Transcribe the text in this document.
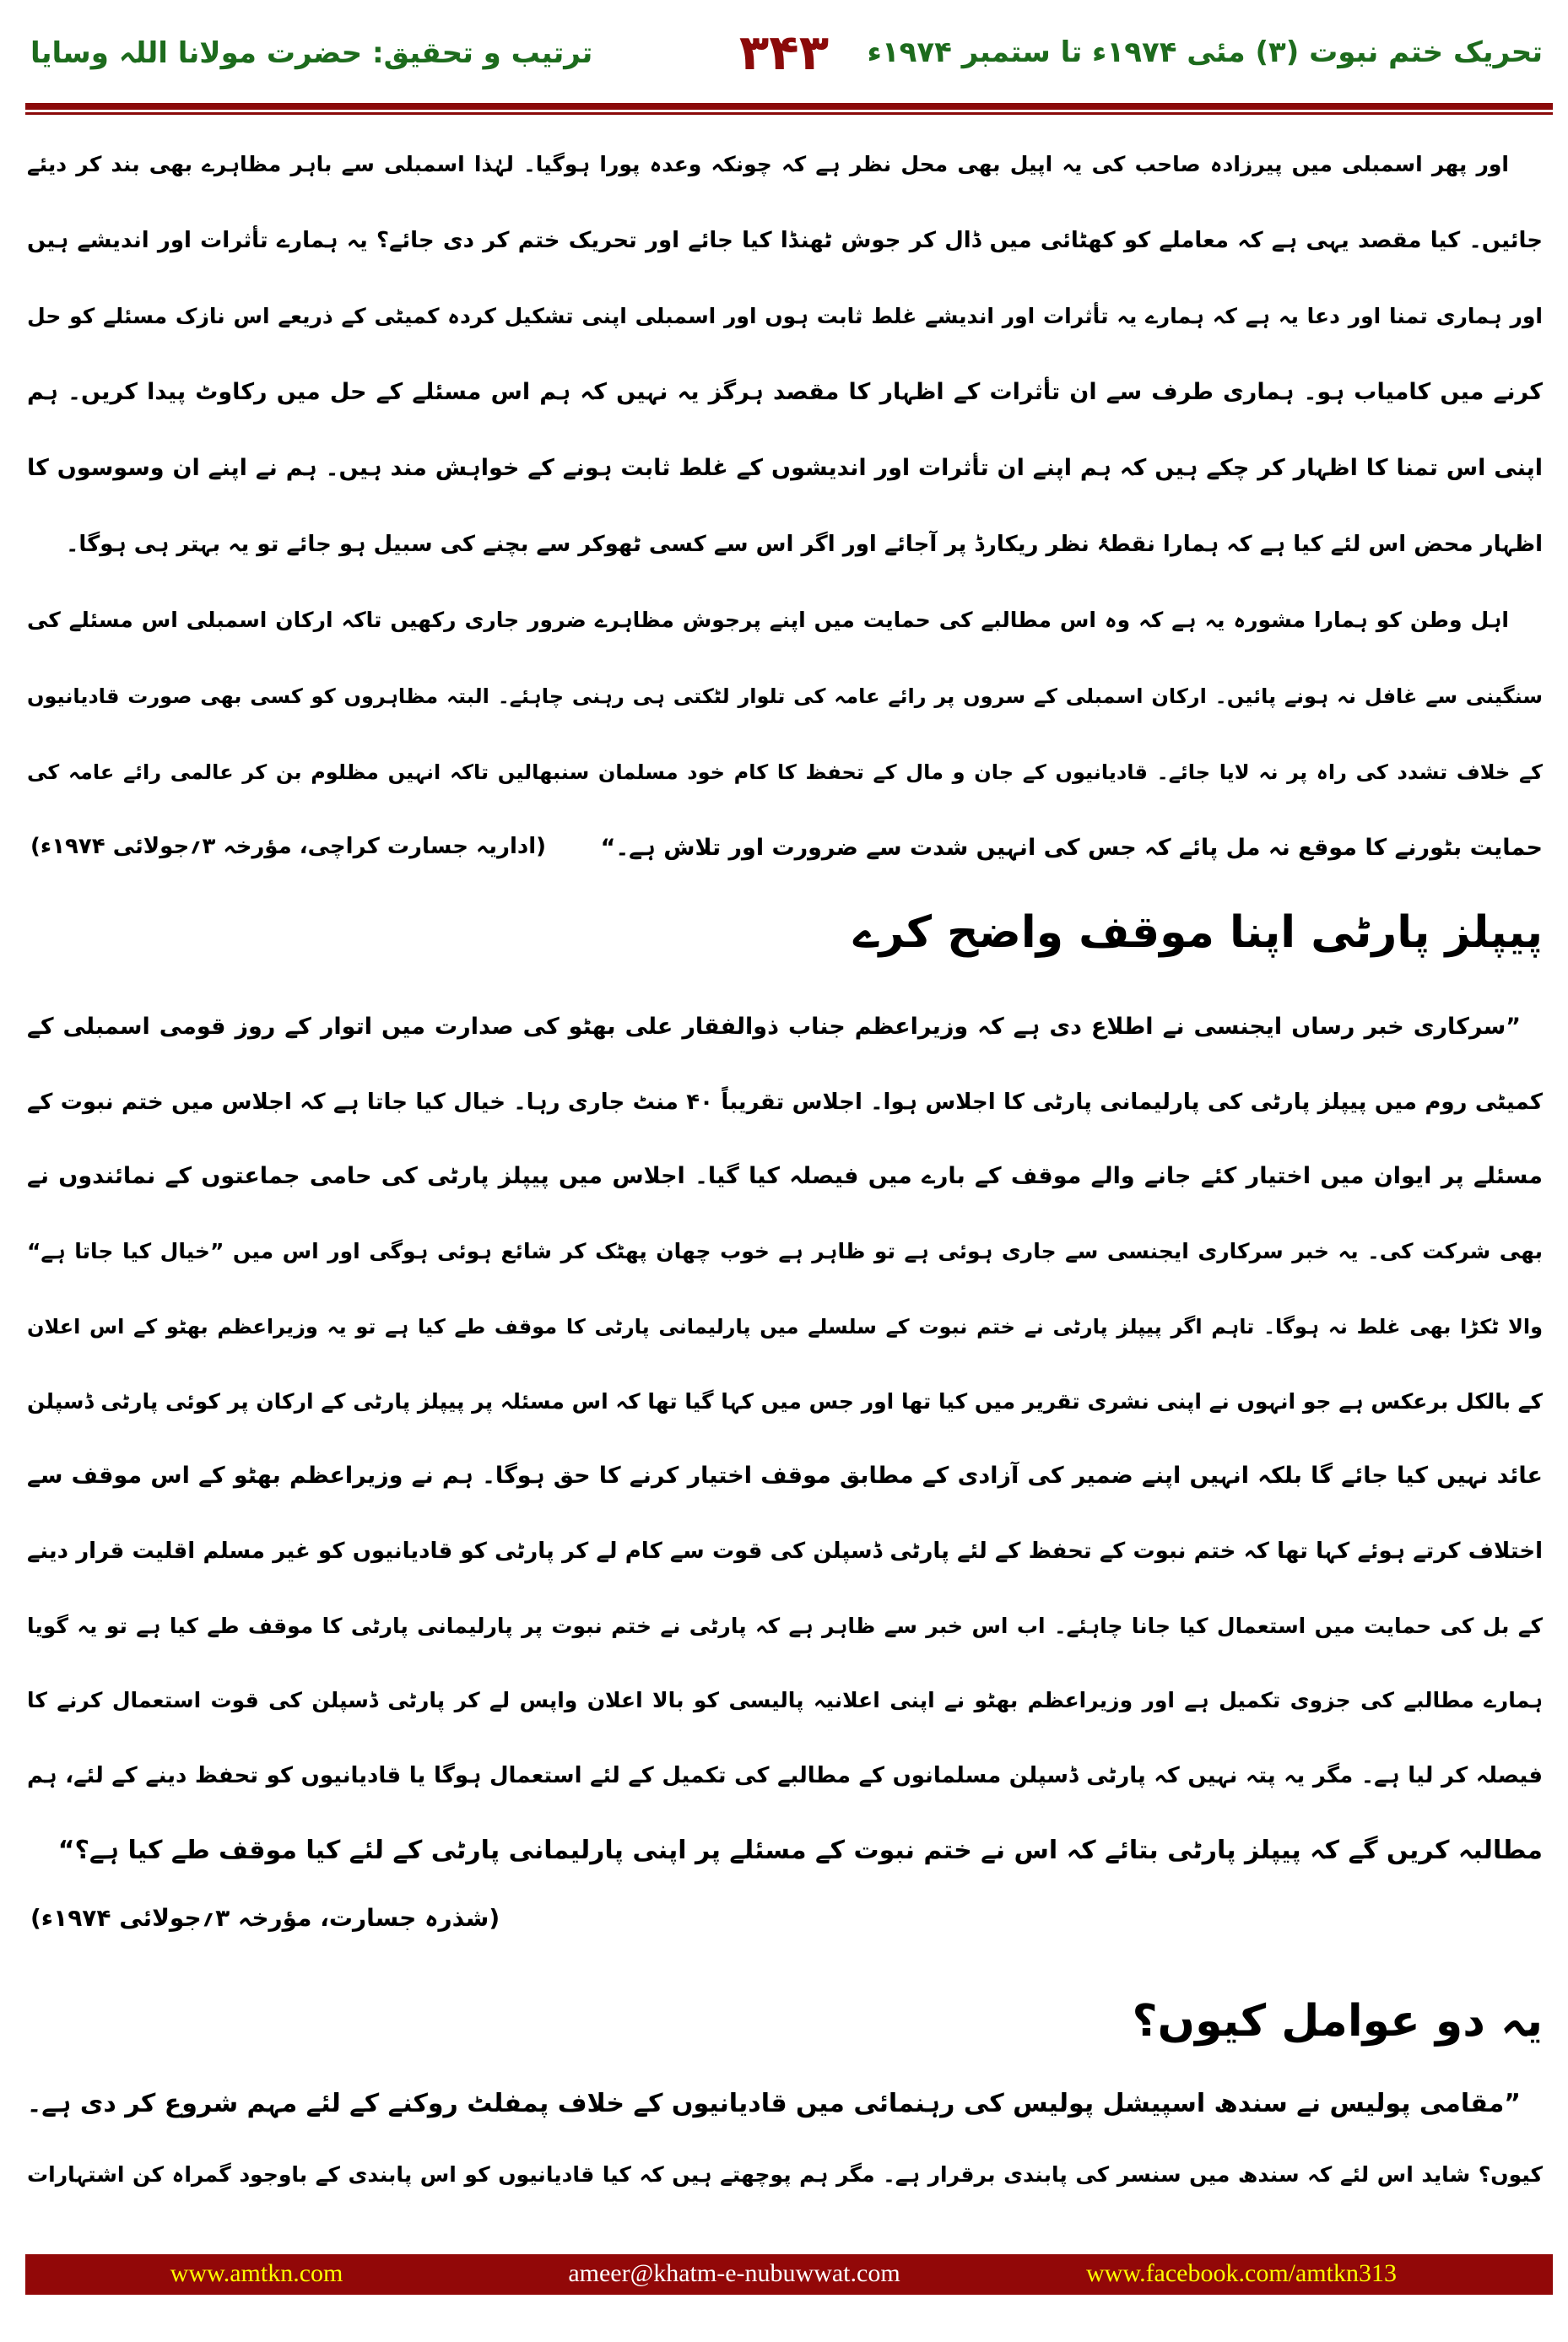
تحریک ختم نبوت (۳) مئی ۱۹۷۴ء تا ستمبر ۱۹۷۴ء
۳۴۳
ترتیب و تحقیق: حضرت مولانا اللہ وسایا
اور پھر اسمبلی میں پیرزادہ صاحب کی یہ اپیل بھی محل نظر ہے کہ چونکہ وعدہ پورا ہوگیا۔ لہٰذا اسمبلی سے باہر مظاہرے بھی بند کر دیئے
جائیں۔ کیا مقصد یہی ہے کہ معاملے کو کھٹائی میں ڈال کر جوش ٹھنڈا کیا جائے اور تحریک ختم کر دی جائے؟ یہ ہمارے تأثرات اور اندیشے ہیں
اور ہماری تمنا اور دعا یہ ہے کہ ہمارے یہ تأثرات اور اندیشے غلط ثابت ہوں اور اسمبلی اپنی تشکیل کردہ کمیٹی کے ذریعے اس نازک مسئلے کو حل
کرنے میں کامیاب ہو۔ ہماری طرف سے ان تأثرات کے اظہار کا مقصد ہرگز یہ نہیں کہ ہم اس مسئلے کے حل میں رکاوٹ پیدا کریں۔ ہم
اپنی اس تمنا کا اظہار کر چکے ہیں کہ ہم اپنے ان تأثرات اور اندیشوں کے غلط ثابت ہونے کے خواہش مند ہیں۔ ہم نے اپنے ان وسوسوں کا
اظہار محض اس لئے کیا ہے کہ ہمارا نقطۂ نظر ریکارڈ پر آجائے اور اگر اس سے کسی ٹھوکر سے بچنے کی سبیل ہو جائے تو یہ بہتر ہی ہوگا۔
اہل وطن کو ہمارا مشورہ یہ ہے کہ وہ اس مطالبے کی حمایت میں اپنے پرجوش مظاہرے ضرور جاری رکھیں تاکہ ارکان اسمبلی اس مسئلے کی
سنگینی سے غافل نہ ہونے پائیں۔ ارکان اسمبلی کے سروں پر رائے عامہ کی تلوار لٹکتی ہی رہنی چاہئے۔ البتہ مظاہروں کو کسی بھی صورت قادیانیوں
کے خلاف تشدد کی راہ پر نہ لایا جائے۔ قادیانیوں کے جان و مال کے تحفظ کا کام خود مسلمان سنبھالیں تاکہ انہیں مظلوم بن کر عالمی رائے عامہ کی
حمایت بٹورنے کا موقع نہ مل پائے کہ جس کی انہیں شدت سے ضرورت اور تلاش ہے۔“
(اداریہ جسارت کراچی، مؤرخہ ۳؍جولائی ۱۹۷۴ء)
پیپلز پارٹی اپنا موقف واضح کرے
”سرکاری خبر رساں ایجنسی نے اطلاع دی ہے کہ وزیراعظم جناب ذوالفقار علی بھٹو کی صدارت میں اتوار کے روز قومی اسمبلی کے
کمیٹی روم میں پیپلز پارٹی کی پارلیمانی پارٹی کا اجلاس ہوا۔ اجلاس تقریباً ۴۰ منٹ جاری رہا۔ خیال کیا جاتا ہے کہ اجلاس میں ختم نبوت کے
مسئلے پر ایوان میں اختیار کئے جانے والے موقف کے بارے میں فیصلہ کیا گیا۔ اجلاس میں پیپلز پارٹی کی حامی جماعتوں کے نمائندوں نے
بھی شرکت کی۔ یہ خبر سرکاری ایجنسی سے جاری ہوئی ہے تو ظاہر ہے خوب چھان پھٹک کر شائع ہوئی ہوگی اور اس میں ”خیال کیا جاتا ہے“
والا ٹکڑا بھی غلط نہ ہوگا۔ تاہم اگر پیپلز پارٹی نے ختم نبوت کے سلسلے میں پارلیمانی پارٹی کا موقف طے کیا ہے تو یہ وزیراعظم بھٹو کے اس اعلان
کے بالکل برعکس ہے جو انہوں نے اپنی نشری تقریر میں کیا تھا اور جس میں کہا گیا تھا کہ اس مسئلہ پر پیپلز پارٹی کے ارکان پر کوئی پارٹی ڈسپلن
عائد نہیں کیا جائے گا بلکہ انہیں اپنے ضمیر کی آزادی کے مطابق موقف اختیار کرنے کا حق ہوگا۔ ہم نے وزیراعظم بھٹو کے اس موقف سے
اختلاف کرتے ہوئے کہا تھا کہ ختم نبوت کے تحفظ کے لئے پارٹی ڈسپلن کی قوت سے کام لے کر پارٹی کو قادیانیوں کو غیر مسلم اقلیت قرار دینے
کے بل کی حمایت میں استعمال کیا جانا چاہئے۔ اب اس خبر سے ظاہر ہے کہ پارٹی نے ختم نبوت پر پارلیمانی پارٹی کا موقف طے کیا ہے تو یہ گویا
ہمارے مطالبے کی جزوی تکمیل ہے اور وزیراعظم بھٹو نے اپنی اعلانیہ پالیسی کو بالا اعلان واپس لے کر پارٹی ڈسپلن کی قوت استعمال کرنے کا
فیصلہ کر لیا ہے۔ مگر یہ پتہ نہیں کہ پارٹی ڈسپلن مسلمانوں کے مطالبے کی تکمیل کے لئے استعمال ہوگا یا قادیانیوں کو تحفظ دینے کے لئے، ہم
مطالبہ کریں گے کہ پیپلز پارٹی بتائے کہ اس نے ختم نبوت کے مسئلے پر اپنی پارلیمانی پارٹی کے لئے کیا موقف طے کیا ہے؟“
(شذرہ جسارت، مؤرخہ ۳؍جولائی ۱۹۷۴ء)
یہ دو عوامل کیوں؟
”مقامی پولیس نے سندھ اسپیشل پولیس کی رہنمائی میں قادیانیوں کے خلاف پمفلٹ روکنے کے لئے مہم شروع کر دی ہے۔
کیوں؟ شاید اس لئے کہ سندھ میں سنسر کی پابندی برقرار ہے۔ مگر ہم پوچھتے ہیں کہ کیا قادیانیوں کو اس پابندی کے باوجود گمراہ کن اشتہارات
www.amtkn.com	ameer@khatm-e-nubuwwat.com	www.facebook.com/amtkn313
